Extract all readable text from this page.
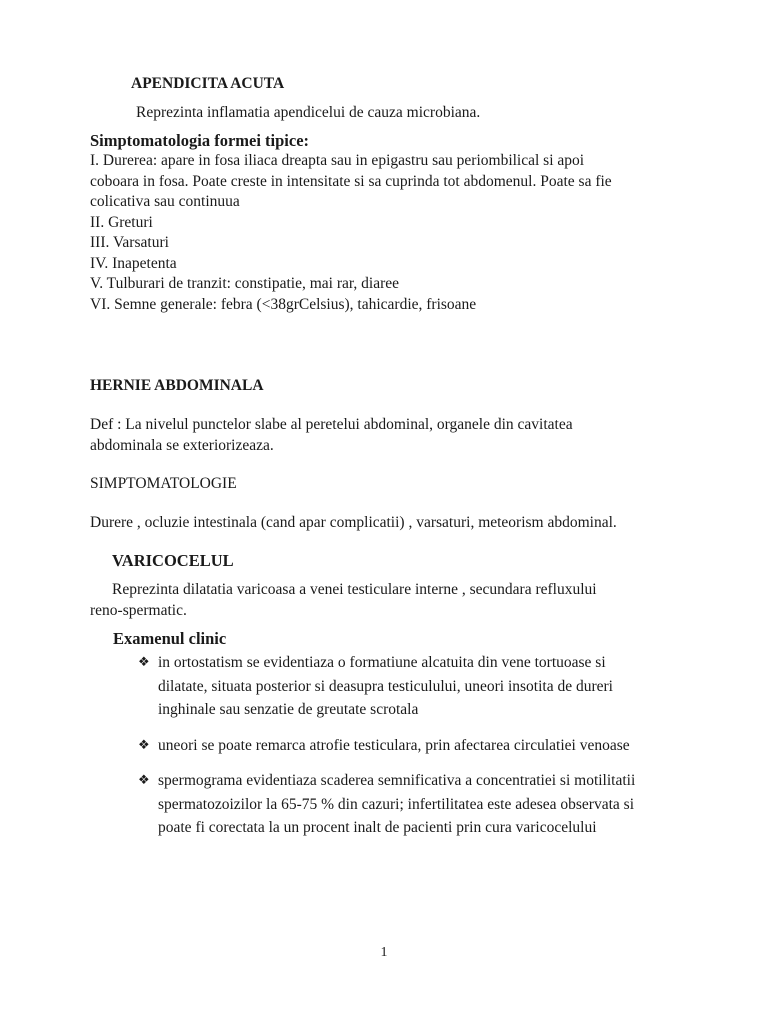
APENDICITA ACUTA
Reprezinta inflamatia apendicelui de cauza microbiana.
Simptomatologia formei tipice:
I. Durerea: apare in fosa iliaca dreapta sau in epigastru sau periombilical si apoi
coboara in fosa. Poate creste in intensitate si sa cuprinda tot abdomenul. Poate sa fie
colicativa sau continuua
II. Greturi
III. Varsaturi
IV. Inapetenta
V. Tulburari de tranzit: constipatie, mai rar, diaree
VI. Semne generale: febra (<38grCelsius), tahicardie, frisoane
HERNIE ABDOMINALA
Def : La nivelul punctelor slabe al peretelui abdominal, organele din cavitatea
abdominala se exteriorizeaza.
SIMPTOMATOLOGIE
Durere , ocluzie intestinala (cand apar complicatii) , varsaturi, meteorism abdominal.
VARICOCELUL
Reprezinta dilatatia varicoasa a venei testiculare interne , secundara refluxului
reno-spermatic.
Examenul clinic
❖ in ortostatism se evidentiaza o formatiune alcatuita din vene tortuoase si
dilatate, situata posterior si deasupra testiculului, uneori insotita de dureri
inghinale sau senzatie de greutate scrotala
❖ uneori se poate remarca atrofie testiculara, prin afectarea circulatiei venoase
❖ spermograma evidentiaza scaderea semnificativa a concentratiei si motilitatii
spermatozoizilor la 65-75 % din cazuri; infertilitatea este adesea observata si
poate fi corectata la un procent inalt de pacienti prin cura varicocelului
1
